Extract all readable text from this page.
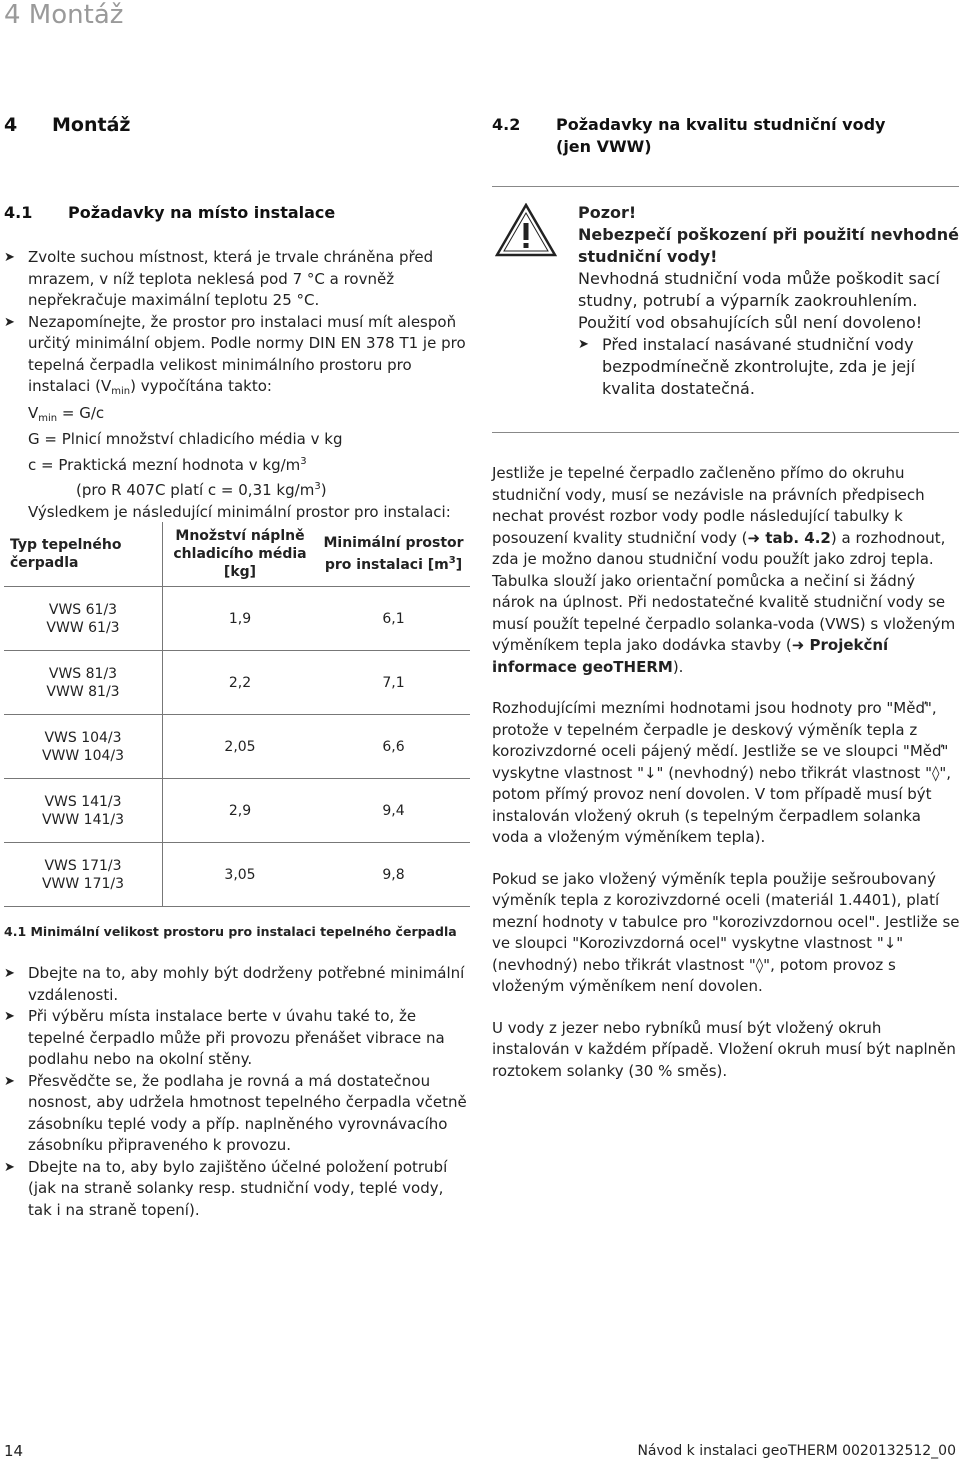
4 Montáž
4 Montáž
4.1 Požadavky na místo instalace
➤ Zvolte suchou místnost, která je trvale chráněna před mrazem, v níž teplota neklesá pod 7 °C a rovněž nepřekračuje maximální teplotu 25 °C.
➤ Nezapomínejte, že prostor pro instalaci musí mít alespoň určitý minimální objem. Podle normy DIN EN 378 T1 je pro tepelná čerpadla velikost minimálního prostoru pro instalaci $(V_{min})$ vypočítána takto:
$V_{min} = G/c$
G = Plnicí množství chladicího média v kg
c = Praktická mezní hodnota v $kg/m^3$
(pro R 407C platí c = 0,31 $kg/m^3$)
Výsledkem je následující minimální prostor pro instalaci:
Typ tepelného čerpadla	Množství náplně chladicího média [kg]	Minimální prostor pro instalaci $[m^3]$

VWS 61/3
VWW 61/3	1,9	6,1

VWS 81/3
VWW 81/3	2,2	7,1

VWS 104/3
VWW 104/3	2,05	6,6

VWS 141/3
VWW 141/3	2,9	9,4

VWS 171/3
VWW 171/3	3,05	9,8
4.1 Minimální velikost prostoru pro instalaci tepelného čerpadla
➤ Dbejte na to, aby mohly být dodrženy potřebné minimální vzdálenosti.
➤ Při výběru místa instalace berte v úvahu také to, že tepelné čerpadlo může při provozu přenášet vibrace na podlahu nebo na okolní stěny.
➤ Přesvědčte se, že podlaha je rovná a má dostatečnou nosnost, aby udržela hmotnost tepelného čerpadla včetně zásobníku teplé vody a příp. naplněného vyrovnávacího zásobníku připraveného k provozu.
➤ Dbejte na to, aby bylo zajištěno účelné položení potrubí (jak na straně solanky resp. studniční vody, teplé vody, tak i na straně topení).
4.2	Požadavky na kvalitu studniční vody
(jen VWW)
Pozor!
Nebezpečí poškození při použití nevhodné studniční vody!
Nevhodná studniční voda může poškodit sací studny, potrubí a výparník zaokrouhlením. Použití vod obsahujících sůl není dovoleno!
➤ Před instalací nasávané studniční vody bezpodmínečně zkontrolujte, zda je její kvalita dostatečná.
Jestliže je tepelné čerpadlo začleněno přímo do okruhu studniční vody, musí se nezávisle na právních předpisech nechat provést rozbor vody podle následující tabulky k posouzení kvality studniční vody (➜ tab. 4.2) a rozhodnout, zda je možno danou studniční vodu použít jako zdroj tepla. Tabulka slouží jako orientační pomůcka a nečiní si žádný nárok na úplnost. Při nedostatečné kvalitě studniční vody se musí použít tepelné čerpadlo solanka-voda (VWS) s vloženým výměníkem tepla jako dodávka stavby (➜ Projekční informace geoTHERM).
Rozhodujícími mezními hodnotami jsou hodnoty pro "Měď", protože v tepelném čerpadle je deskový výměník tepla z korozivzdorné oceli pájený mědí. Jestliže se ve sloupci "Měď" vyskytne vlastnost "↓" (nevhodný) nebo třikrát vlastnost "◊", potom přímý provoz není dovolen. V tom případě musí být instalován vložený okruh (s tepelným čerpadlem solanka voda a vloženým výměníkem tepla).
Pokud se jako vložený výměník tepla použije sešroubovaný výměník tepla z korozivzdorné oceli (materiál 1.4401), platí mezní hodnoty v tabulce pro "korozivzdornou ocel". Jestliže se ve sloupci "Korozivzdorná ocel" vyskytne vlastnost "↓" (nevhodný) nebo třikrát vlastnost "◊", potom provoz s vloženým výměníkem není dovolen.
U vody z jezer nebo rybníků musí být vložený okruh instalován v každém případě. Vložení okruh musí být naplněn roztokem solanky (30 % směs).
14	Návod k instalaci geoTHERM 0020132512_00
